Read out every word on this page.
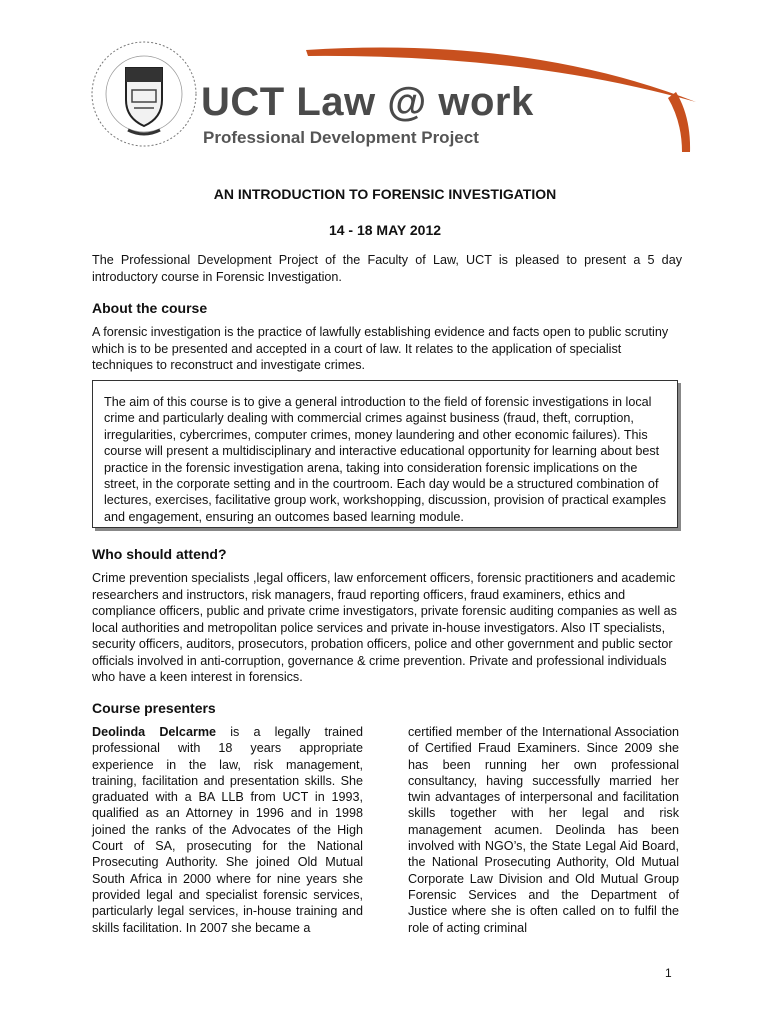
UCT Law @ work
Professional Development Project
AN INTRODUCTION TO FORENSIC INVESTIGATION
14 - 18 MAY 2012
The Professional Development Project of the Faculty of Law, UCT is pleased to present a 5 day introductory course in Forensic Investigation.
About the course
A forensic investigation is the practice of lawfully establishing evidence and facts open to public scrutiny which is to be presented and accepted in a court of law. It relates to the application of specialist techniques to reconstruct and investigate crimes.
The aim of this course is to give a general introduction to the field of forensic investigations in local crime and particularly dealing with commercial crimes against business (fraud, theft, corruption, irregularities, cybercrimes, computer crimes, money laundering and other economic failures). This course will present a multidisciplinary and interactive educational opportunity for learning about best practice in the forensic investigation arena, taking into consideration forensic implications on the street, in the corporate setting and in the courtroom. Each day would be a structured combination of lectures, exercises, facilitative group work, workshopping, discussion, provision of practical examples and engagement, ensuring an outcomes based learning module.
Who should attend?
Crime prevention specialists ,legal officers, law enforcement officers, forensic practitioners and academic researchers and instructors, risk managers, fraud reporting officers, fraud examiners, ethics and compliance officers, public and private crime investigators, private forensic auditing companies as well as local authorities and metropolitan police services and private in-house investigators. Also IT specialists, security officers, auditors, prosecutors, probation officers, police and other government and public sector officials involved in anti-corruption, governance & crime prevention. Private and professional individuals who have a keen interest in forensics.
Course presenters
Deolinda Delcarme is a legally trained professional with 18 years appropriate experience in the law, risk management, training, facilitation and presentation skills. She graduated with a BA LLB from UCT in 1993, qualified as an Attorney in 1996 and in 1998 joined the ranks of the Advocates of the High Court of SA, prosecuting for the National Prosecuting Authority. She joined Old Mutual South Africa in 2000 where for nine years she provided legal and specialist forensic services, particularly legal services, in-house training and skills facilitation. In 2007 she became a
certified member of the International Association of Certified Fraud Examiners. Since 2009 she has been running her own professional consultancy, having successfully married her twin advantages of interpersonal and facilitation skills together with her legal and risk management acumen. Deolinda has been involved with NGO’s, the State Legal Aid Board, the National Prosecuting Authority, Old Mutual Corporate Law Division and Old Mutual Group Forensic Services and the Department of Justice where she is often called on to fulfil the role of acting criminal
1
